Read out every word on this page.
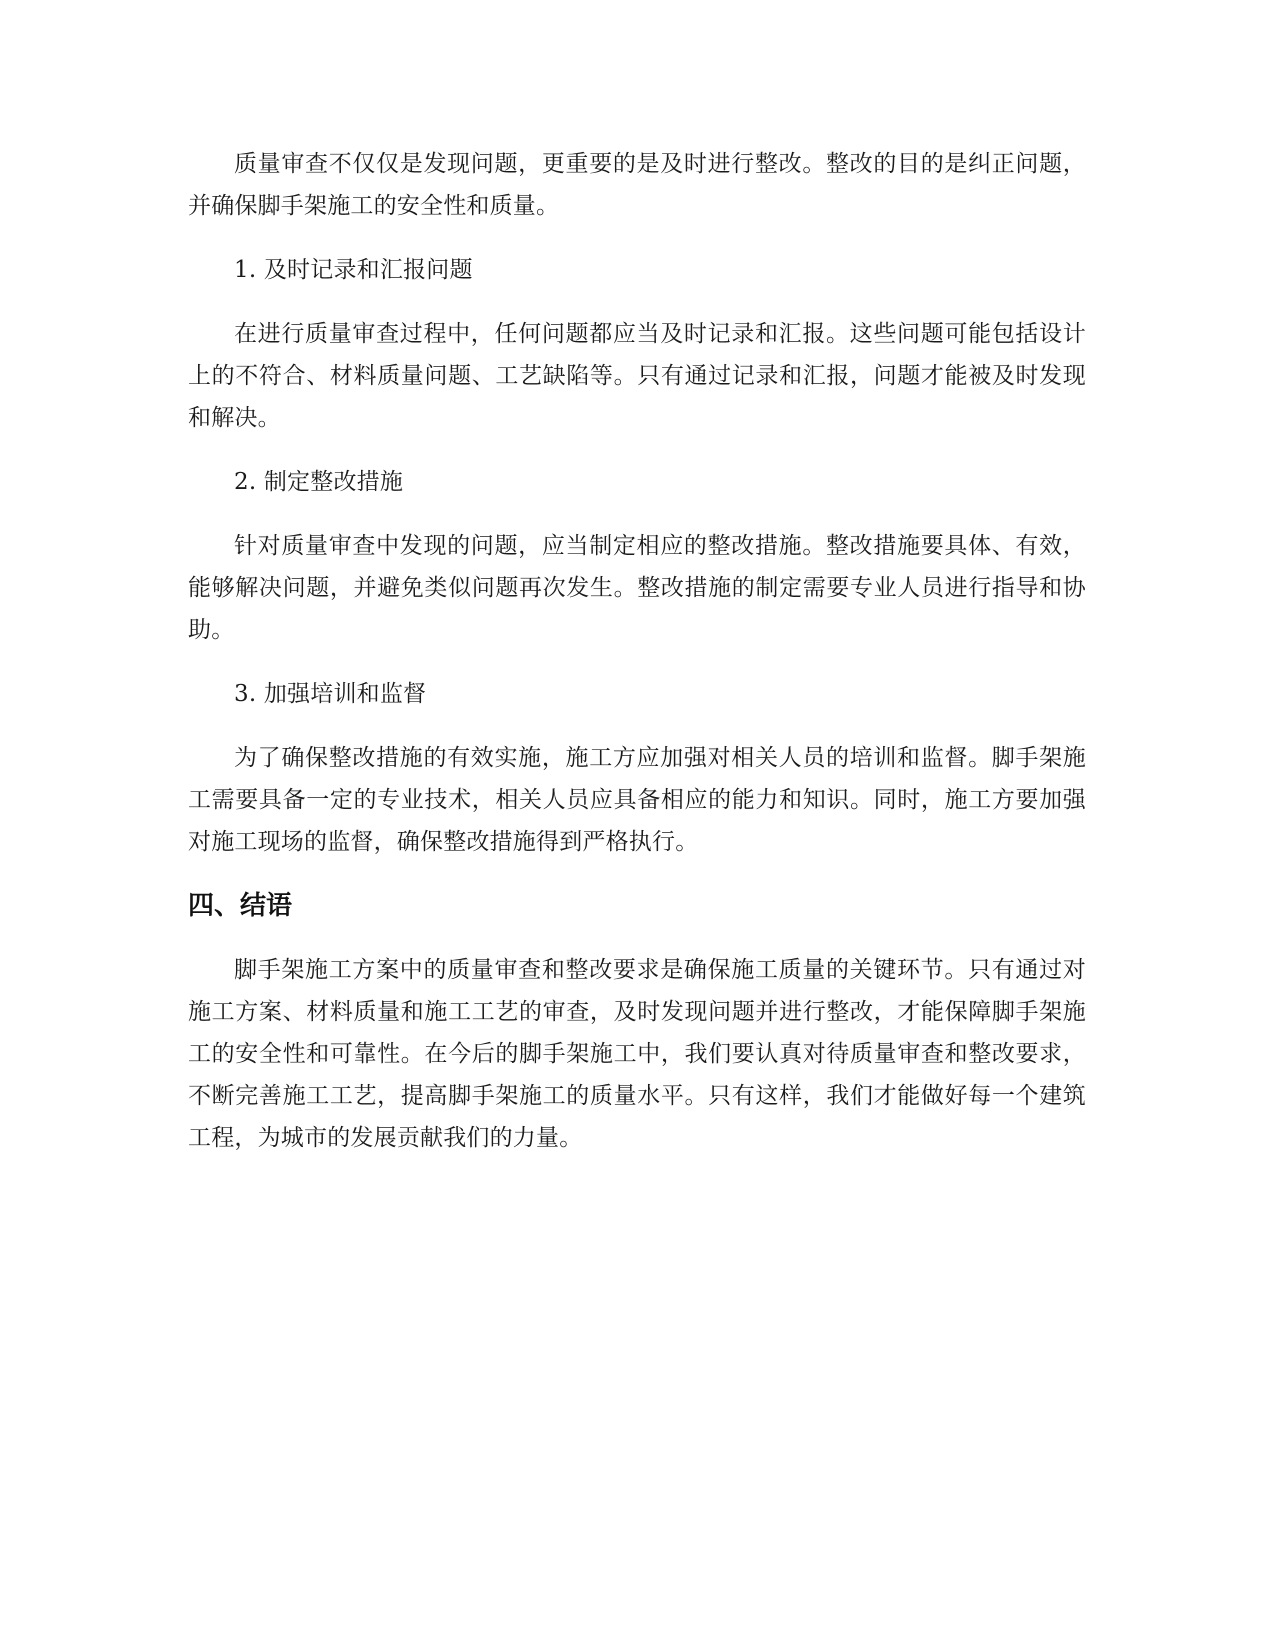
质量审查不仅仅是发现问题，更重要的是及时进行整改。整改的目的是纠正问题，并确保脚手架施工的安全性和质量。

1. 及时记录和汇报问题

在进行质量审查过程中，任何问题都应当及时记录和汇报。这些问题可能包括设计上的不符合、材料质量问题、工艺缺陷等。只有通过记录和汇报，问题才能被及时发现和解决。

2. 制定整改措施

针对质量审查中发现的问题，应当制定相应的整改措施。整改措施要具体、有效，能够解决问题，并避免类似问题再次发生。整改措施的制定需要专业人员进行指导和协助。

3. 加强培训和监督

为了确保整改措施的有效实施，施工方应加强对相关人员的培训和监督。脚手架施工需要具备一定的专业技术，相关人员应具备相应的能力和知识。同时，施工方要加强对施工现场的监督，确保整改措施得到严格执行。

四、结语

脚手架施工方案中的质量审查和整改要求是确保施工质量的关键环节。只有通过对施工方案、材料质量和施工工艺的审查，及时发现问题并进行整改，才能保障脚手架施工的安全性和可靠性。在今后的脚手架施工中，我们要认真对待质量审查和整改要求，不断完善施工工艺，提高脚手架施工的质量水平。只有这样，我们才能做好每一个建筑工程，为城市的发展贡献我们的力量。
